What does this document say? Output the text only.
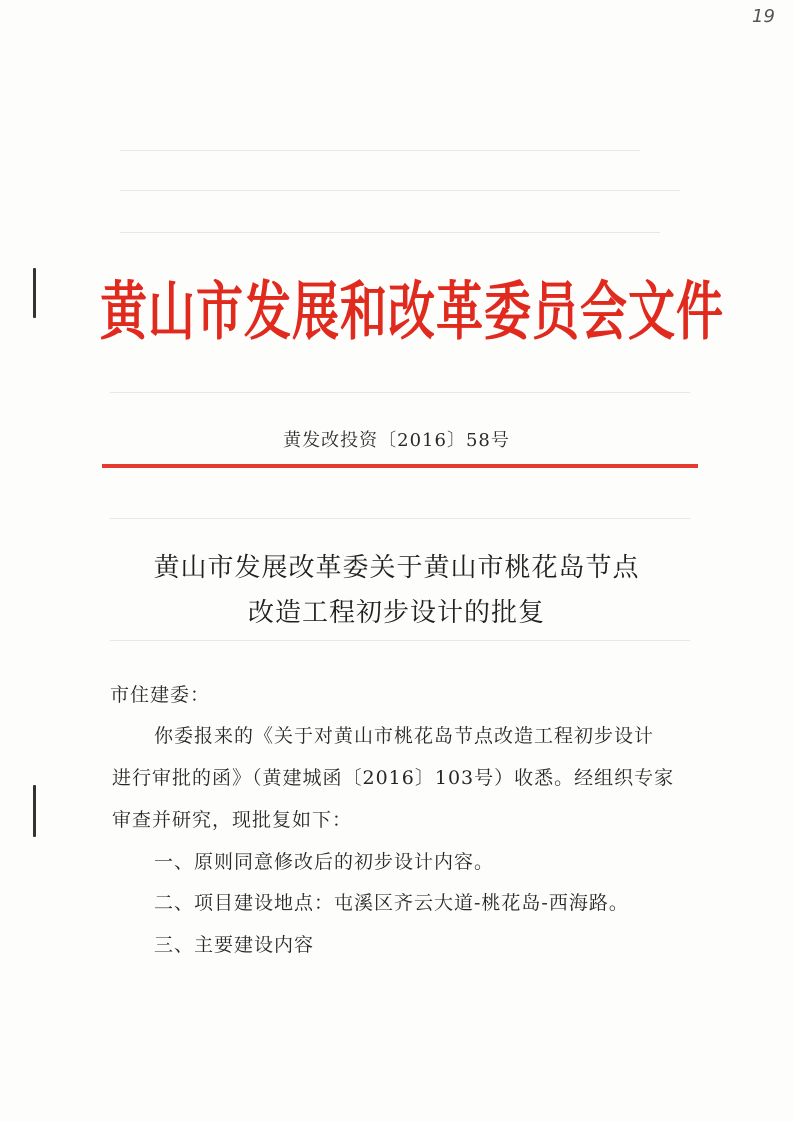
19
黄山市发展和改革委员会文件
黄发改投资〔2016〕58号
黄山市发展改革委关于黄山市桃花岛节点
改造工程初步设计的批复
市住建委：
你委报来的《关于对黄山市桃花岛节点改造工程初步设计
进行审批的函》（黄建城函〔2016〕103号）收悉。经组织专家
审查并研究，现批复如下：
一、原则同意修改后的初步设计内容。
二、项目建设地点：屯溪区齐云大道-桃花岛-西海路。
三、主要建设内容
